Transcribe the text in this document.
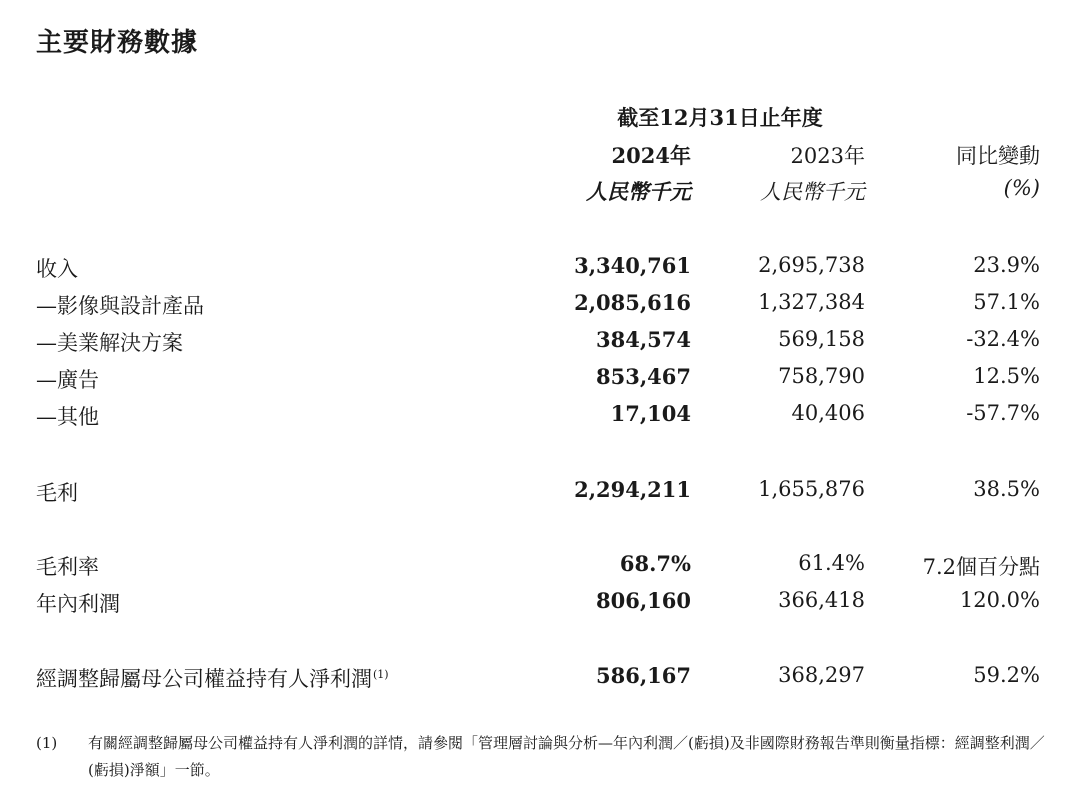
主要財務數據
截至12月31日止年度
2024年	2023年	同比變動
人民幣千元	人民幣千元	(%)
收入	3,340,761	2,695,738	23.9%
—影像與設計產品	2,085,616	1,327,384	57.1%
—美業解決方案	384,574	569,158	-32.4%
—廣告	853,467	758,790	12.5%
—其他	17,104	40,406	-57.7%
毛利	2,294,211	1,655,876	38.5%
毛利率	68.7%	61.4%	7.2個百分點
年內利潤	806,160	366,418	120.0%
經調整歸屬母公司權益持有人淨利潤$^{(1)}$	586,167	368,297	59.2%
(1) 有關經調整歸屬母公司權益持有人淨利潤的詳情，請參閱「管理層討論與分析—年內利潤／(虧損)及非國際財務報告準則衡量指標：經調整利潤／(虧損)淨額」一節。
